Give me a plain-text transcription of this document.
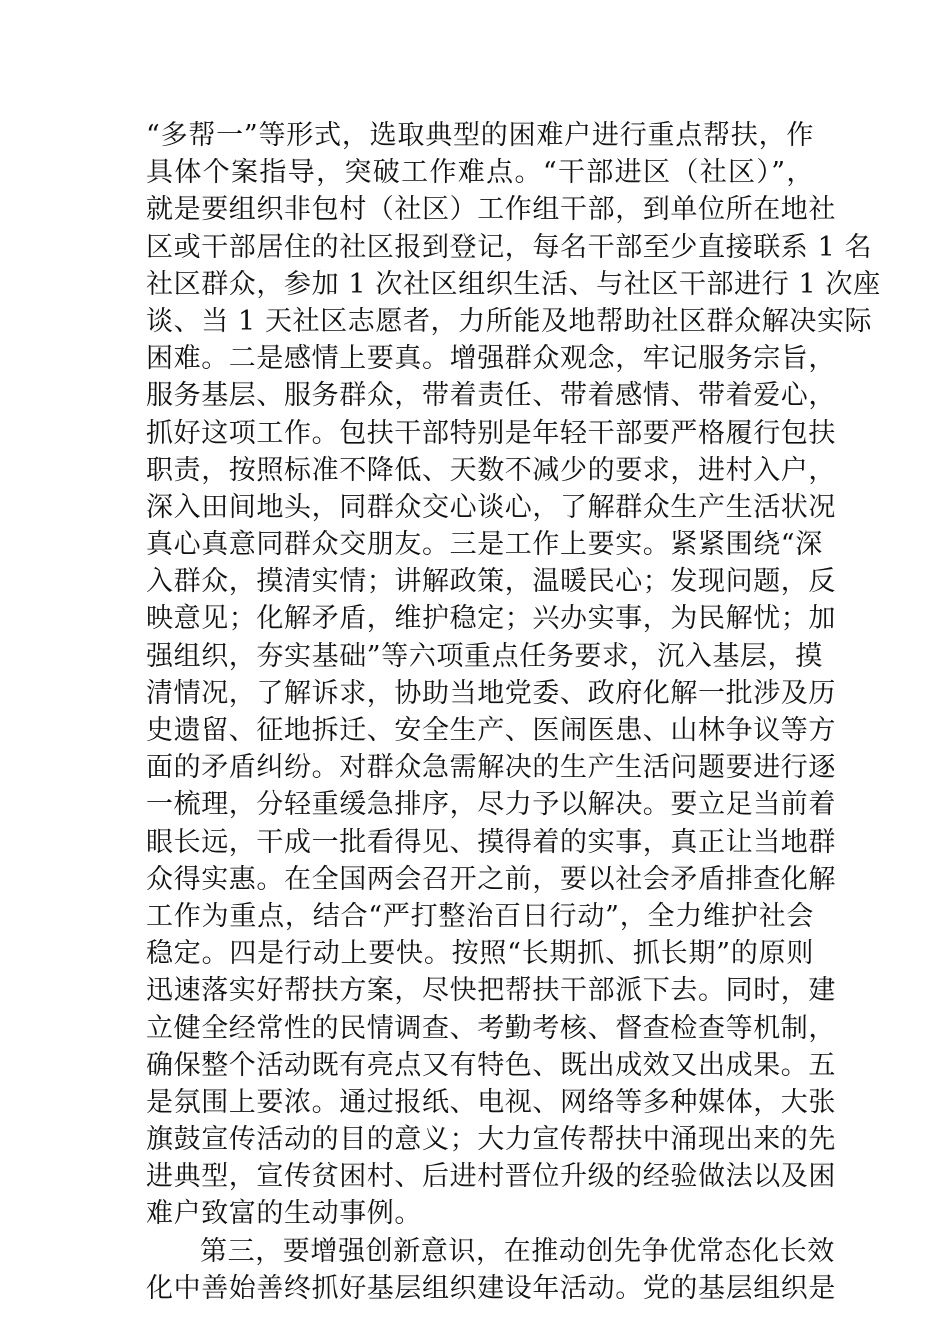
“多帮一”等形式，选取典型的困难户进行重点帮扶，作
具体个案指导，突破工作难点。“干部进区（社区）”，
就是要组织非包村（社区）工作组干部，到单位所在地社
区或干部居住的社区报到登记，每名干部至少直接联系 1 名
社区群众，参加 1 次社区组织生活、与社区干部进行 1 次座
谈、当 1 天社区志愿者，力所能及地帮助社区群众解决实际
困难。二是感情上要真。增强群众观念，牢记服务宗旨，
服务基层、服务群众，带着责任、带着感情、带着爱心，
抓好这项工作。包扶干部特别是年轻干部要严格履行包扶
职责，按照标准不降低、天数不减少的要求，进村入户，
深入田间地头，同群众交心谈心，了解群众生产生活状况
真心真意同群众交朋友。三是工作上要实。紧紧围绕“深
入群众，摸清实情；讲解政策，温暖民心；发现问题，反
映意见；化解矛盾，维护稳定；兴办实事，为民解忧；加
强组织，夯实基础”等六项重点任务要求，沉入基层，摸
清情况，了解诉求，协助当地党委、政府化解一批涉及历
史遗留、征地拆迁、安全生产、医闹医患、山林争议等方
面的矛盾纠纷。对群众急需解决的生产生活问题要进行逐
一梳理，分轻重缓急排序，尽力予以解决。要立足当前着
眼长远，干成一批看得见、摸得着的实事，真正让当地群
众得实惠。在全国两会召开之前，要以社会矛盾排查化解
工作为重点，结合“严打整治百日行动”，全力维护社会
稳定。四是行动上要快。按照“长期抓、抓长期”的原则
迅速落实好帮扶方案，尽快把帮扶干部派下去。同时，建
立健全经常性的民情调查、考勤考核、督查检查等机制，
确保整个活动既有亮点又有特色、既出成效又出成果。五
是氛围上要浓。通过报纸、电视、网络等多种媒体，大张
旗鼓宣传活动的目的意义；大力宣传帮扶中涌现出来的先
进典型，宣传贫困村、后进村晋位升级的经验做法以及困
难户致富的生动事例。
第三，要增强创新意识，在推动创先争优常态化长效
化中善始善终抓好基层组织建设年活动。党的基层组织是
